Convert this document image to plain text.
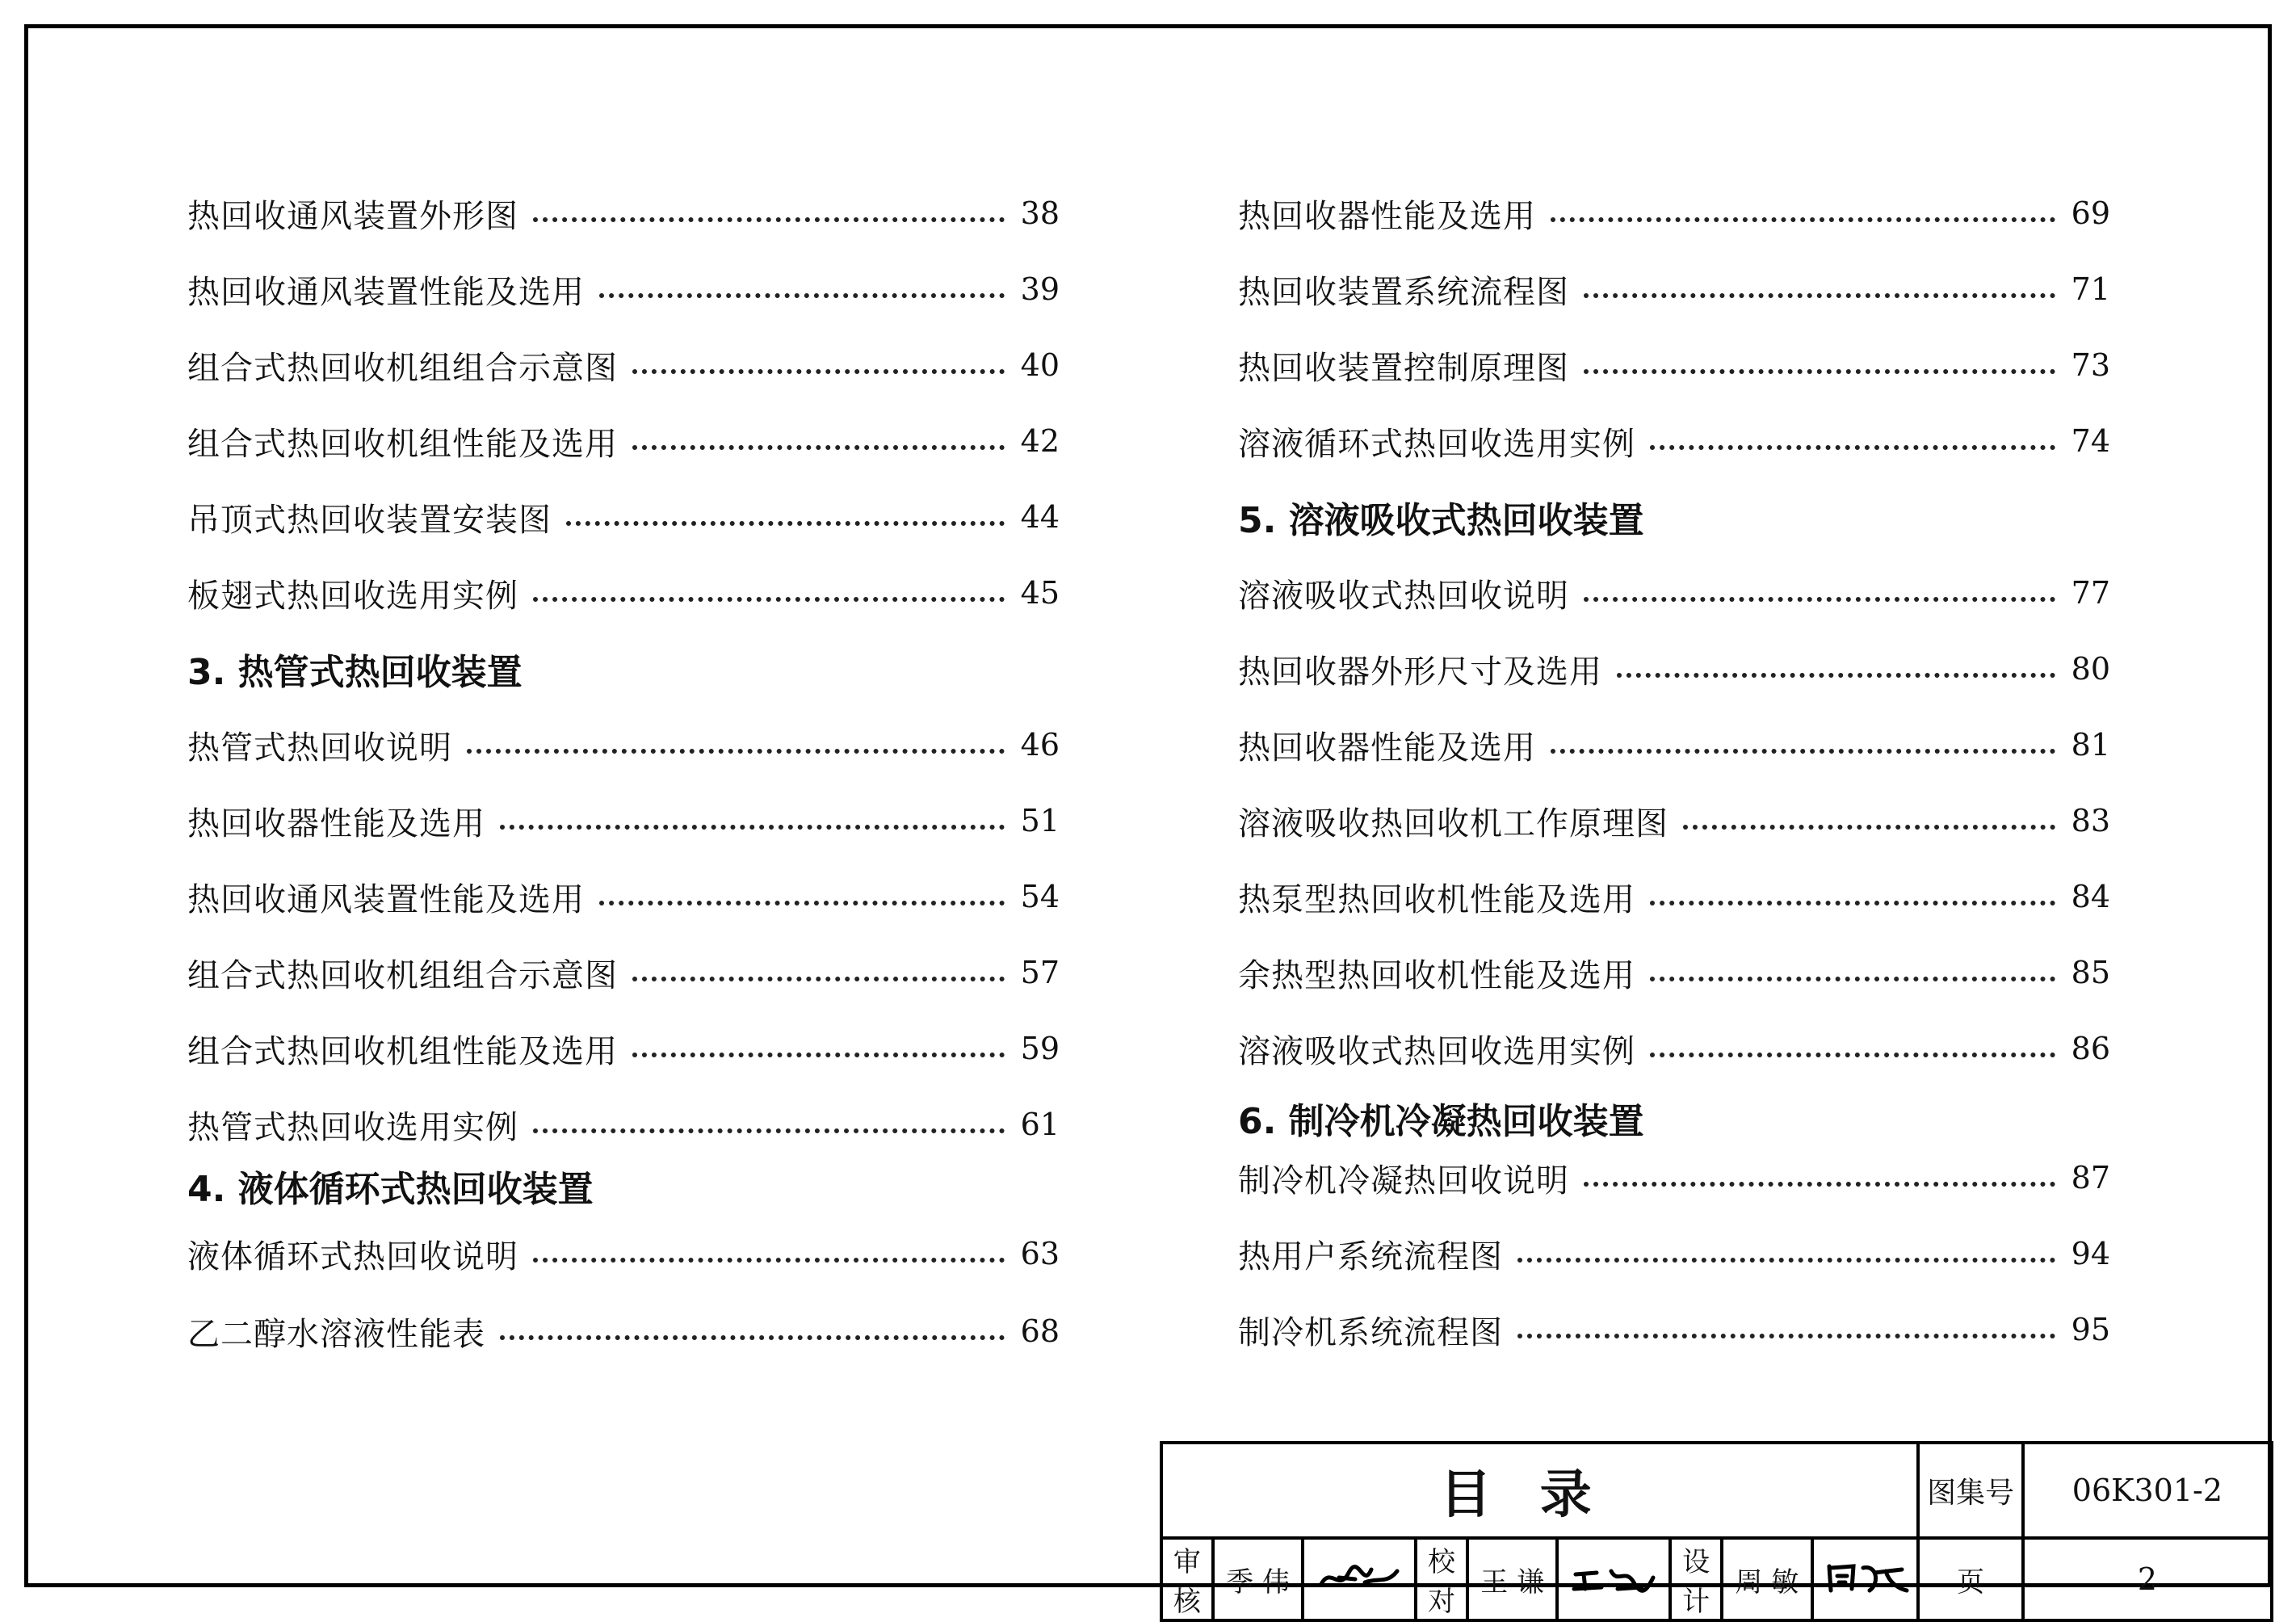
热回收通风装置外形图	38
热回收通风装置性能及选用	39
组合式热回收机组组合示意图	40
组合式热回收机组性能及选用	42
吊顶式热回收装置安装图	44
板翅式热回收选用实例	45
3. 热管式热回收装置
热管式热回收说明	46
热回收器性能及选用	51
热回收通风装置性能及选用	54
组合式热回收机组组合示意图	57
组合式热回收机组性能及选用	59
热管式热回收选用实例	61
4. 液体循环式热回收装置
液体循环式热回收说明	63
乙二醇水溶液性能表	68
热回收器性能及选用	69
热回收装置系统流程图	71
热回收装置控制原理图	73
溶液循环式热回收选用实例	74
5. 溶液吸收式热回收装置
溶液吸收式热回收说明	77
热回收器外形尺寸及选用	80
热回收器性能及选用	81
溶液吸收热回收机工作原理图	83
热泵型热回收机性能及选用	84
余热型热回收机性能及选用	85
溶液吸收式热回收选用实例	86
6. 制冷机冷凝热回收装置
制冷机冷凝热回收说明	87
热用户系统流程图	94
制冷机系统流程图	95
目录									图集号	06K301-2
审核	季 伟		校对	王 谦		设计	周 敏		页	2
